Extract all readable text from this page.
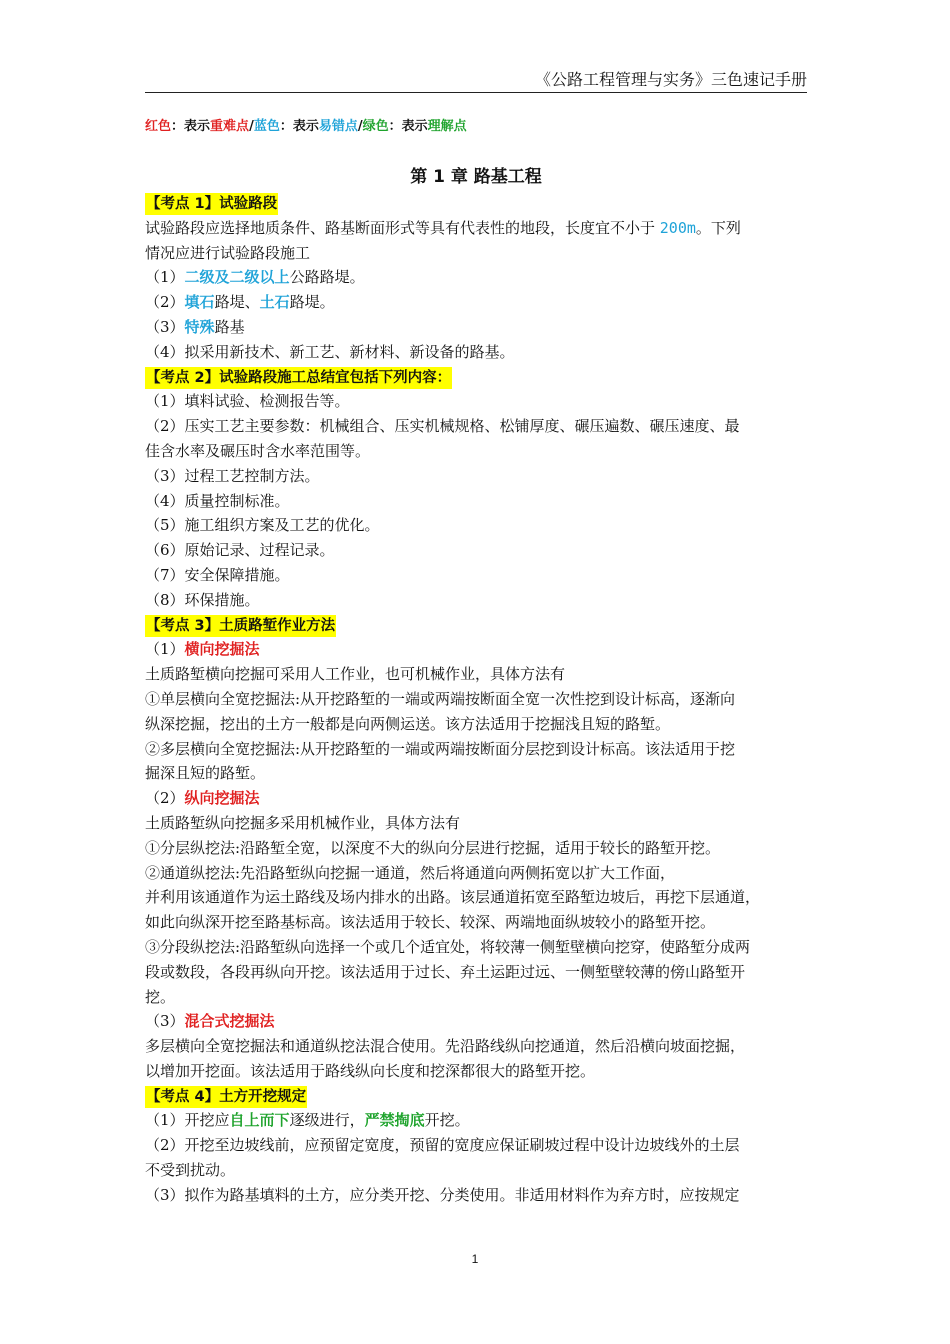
《公路工程管理与实务》三色速记手册
红色：表示重难点/蓝色：表示易错点/绿色：表示理解点
第 1 章 路基工程
【考点 1】试验路段
试验路段应选择地质条件、路基断面形式等具有代表性的地段，长度宜不小于 200m。下列
情况应进行试验路段施工
（1）二级及二级以上公路路堤。
（2）填石路堤、土石路堤。
（3）特殊路基
（4）拟采用新技术、新工艺、新材料、新设备的路基。
【考点 2】试验路段施工总结宜包括下列内容：
（1）填料试验、检测报告等。
（2）压实工艺主要参数：机械组合、压实机械规格、松铺厚度、碾压遍数、碾压速度、最
佳含水率及碾压时含水率范围等。
（3）过程工艺控制方法。
（4）质量控制标准。
（5）施工组织方案及工艺的优化。
（6）原始记录、过程记录。
（7）安全保障措施。
（8）环保措施。
【考点 3】土质路堑作业方法
（1）横向挖掘法
土质路堑横向挖掘可采用人工作业，也可机械作业，具体方法有
①单层横向全宽挖掘法:从开挖路堑的一端或两端按断面全宽一次性挖到设计标高，逐渐向
纵深挖掘，挖出的土方一般都是向两侧运送。该方法适用于挖掘浅且短的路堑。
②多层横向全宽挖掘法:从开挖路堑的一端或两端按断面分层挖到设计标高。该法适用于挖
掘深且短的路堑。
（2）纵向挖掘法
土质路堑纵向挖掘多采用机械作业，具体方法有
①分层纵挖法:沿路堑全宽，以深度不大的纵向分层进行挖掘，适用于较长的路堑开挖。
②通道纵挖法:先沿路堑纵向挖掘一通道，然后将通道向两侧拓宽以扩大工作面，
并利用该通道作为运土路线及场内排水的出路。该层通道拓宽至路堑边坡后，再挖下层通道，
如此向纵深开挖至路基标高。该法适用于较长、较深、两端地面纵坡较小的路堑开挖。
③分段纵挖法:沿路堑纵向选择一个或几个适宜处，将较薄一侧堑壁横向挖穿，使路堑分成两
段或数段，各段再纵向开挖。该法适用于过长、弃土运距过远、一侧堑壁较薄的傍山路堑开
挖。
（3）混合式挖掘法
多层横向全宽挖掘法和通道纵挖法混合使用。先沿路线纵向挖通道，然后沿横向坡面挖掘，
以增加开挖面。该法适用于路线纵向长度和挖深都很大的路堑开挖。
【考点 4】土方开挖规定
（1）开挖应自上而下逐级进行，严禁掏底开挖。
（2）开挖至边坡线前，应预留定宽度，预留的宽度应保证刷坡过程中设计边坡线外的土层
不受到扰动。
（3）拟作为路基填料的土方，应分类开挖、分类使用。非适用材料作为弃方时，应按规定
1
